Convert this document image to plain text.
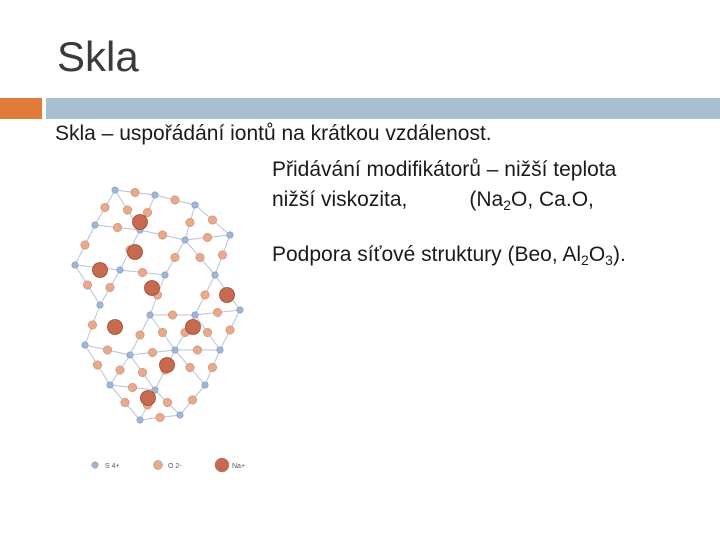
Skla
Skla – uspořádání iontů na krátkou vzdálenost.
Přidávání modifikátorů – nižší teplota
nižší viskozita,	($Na_2O$, Ca.O,
Podpora síťové struktury (Beo, $Al_2O_3$).
S 4+	O 2-	Na+
